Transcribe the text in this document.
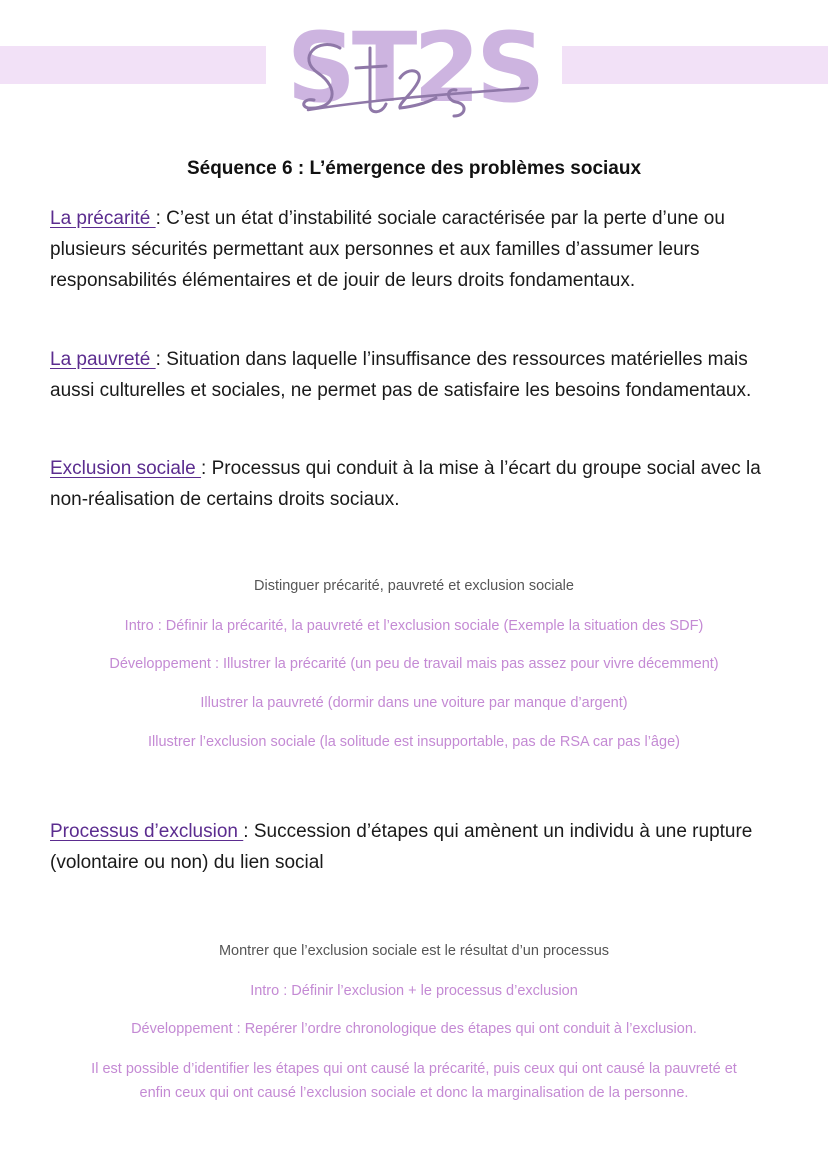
ST2S
Séquence 6 : L’émergence des problèmes sociaux
La précarité : C’est un état d’instabilité sociale caractérisée par la perte d’une ou plusieurs sécurités permettant aux personnes et aux familles d’assumer leurs responsabilités élémentaires et de jouir de leurs droits fondamentaux.
La pauvreté : Situation dans laquelle l’insuffisance des ressources matérielles mais aussi culturelles et sociales, ne permet pas de satisfaire les besoins fondamentaux.
Exclusion sociale : Processus qui conduit à la mise à l’écart du groupe social avec la non-réalisation de certains droits sociaux.
Distinguer précarité, pauvreté et exclusion sociale
Intro : Définir la précarité, la pauvreté et l’exclusion sociale (Exemple la situation des SDF)
Développement : Illustrer la précarité (un peu de travail mais pas assez pour vivre décemment)
Illustrer la pauvreté (dormir dans une voiture par manque d’argent)
Illustrer l’exclusion sociale (la solitude est insupportable, pas de RSA car pas l’âge)
Processus d’exclusion : Succession d’étapes qui amènent un individu à une rupture (volontaire ou non) du lien social
Montrer que l’exclusion sociale est le résultat d’un processus
Intro : Définir l’exclusion + le processus d’exclusion
Développement : Repérer l’ordre chronologique des étapes qui ont conduit à l’exclusion.
Il est possible d’identifier les étapes qui ont causé la précarité, puis ceux qui ont causé la pauvreté et
enfin ceux qui ont causé l’exclusion sociale et donc la marginalisation de la personne.
